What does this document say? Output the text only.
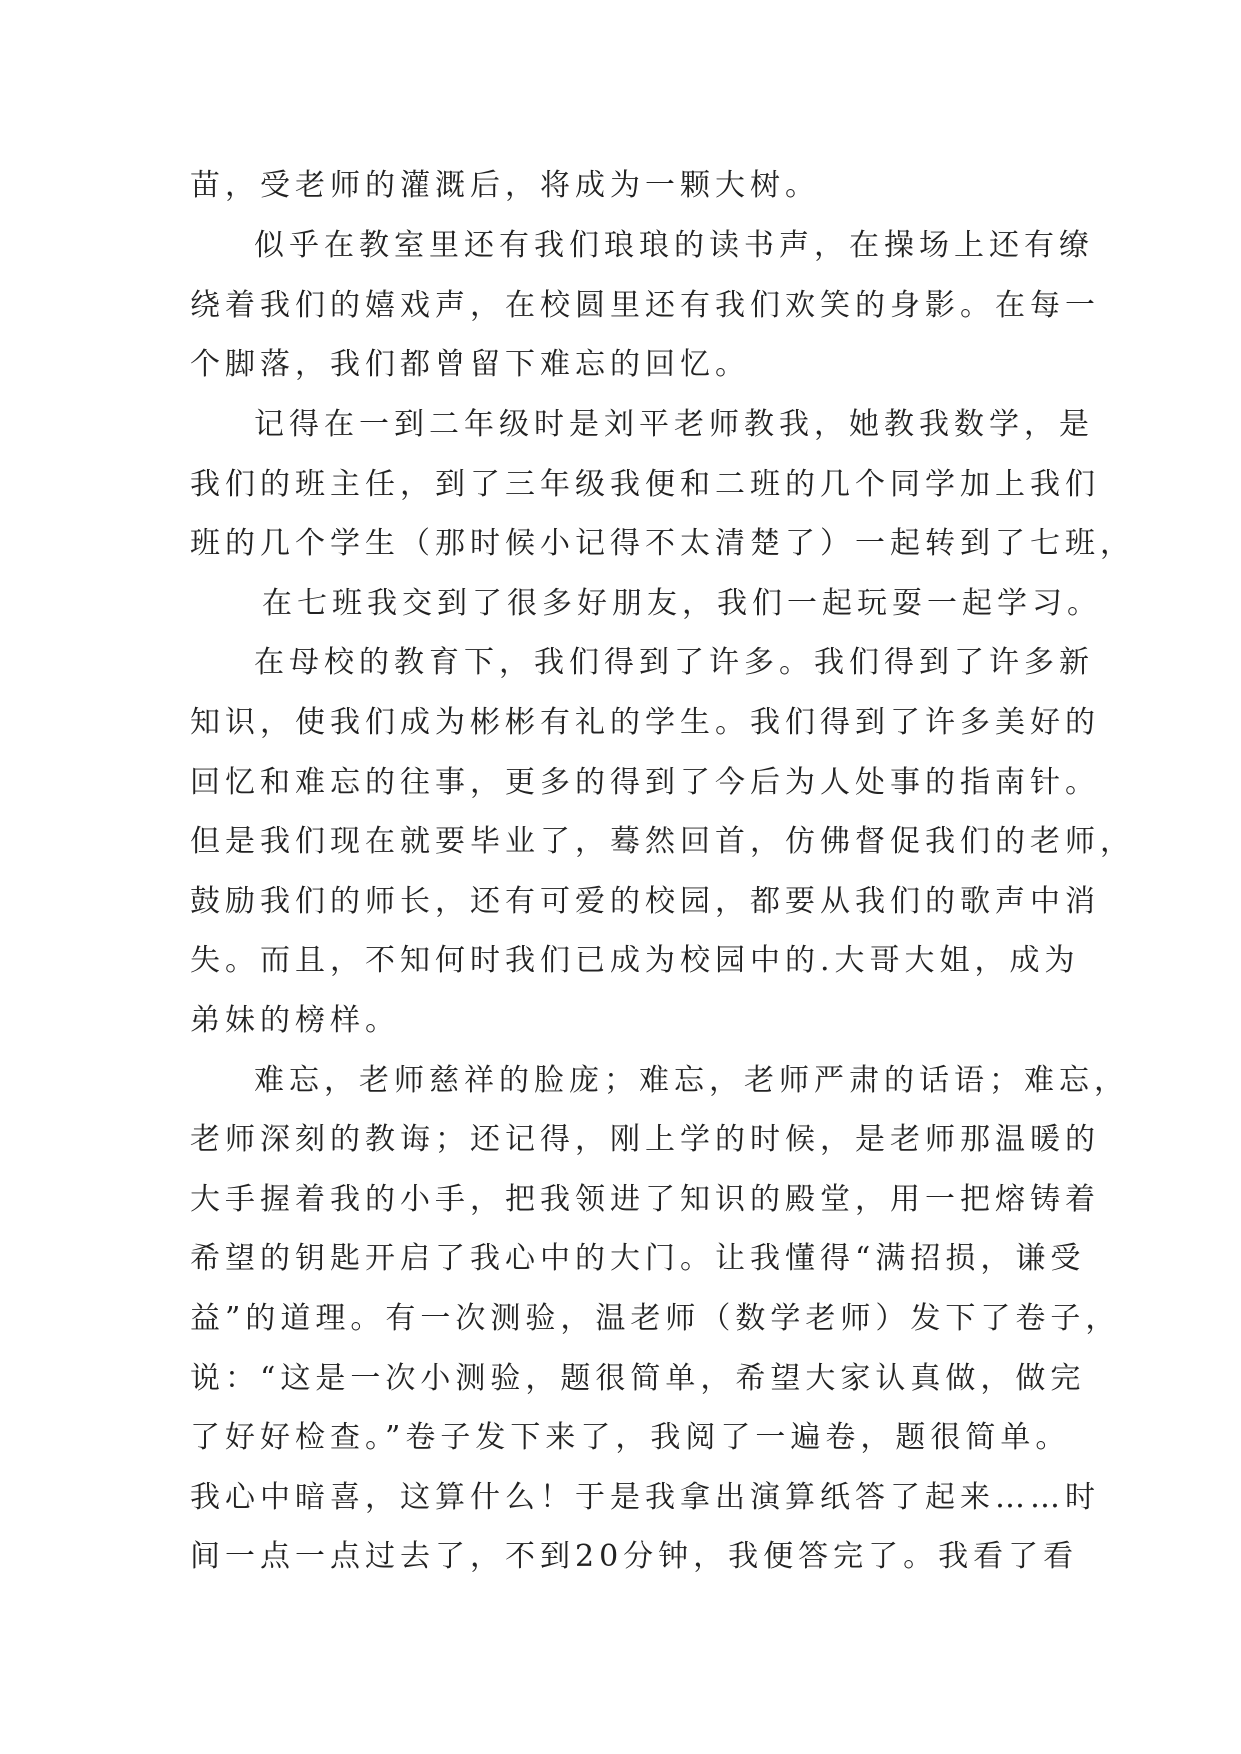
苗，受老师的灌溉后，将成为一颗大树。
似乎在教室里还有我们琅琅的读书声，在操场上还有缭
绕着我们的嬉戏声，在校圆里还有我们欢笑的身影。在每一
个脚落，我们都曾留下难忘的回忆。
记得在一到二年级时是刘平老师教我，她教我数学，是
我们的班主任，到了三年级我便和二班的几个同学加上我们
班的几个学生（那时候小记得不太清楚了）一起转到了七班，
在七班我交到了很多好朋友，我们一起玩耍一起学习。
在母校的教育下，我们得到了许多。我们得到了许多新
知识，使我们成为彬彬有礼的学生。我们得到了许多美好的
回忆和难忘的往事，更多的得到了今后为人处事的指南针。
但是我们现在就要毕业了，蓦然回首，仿佛督促我们的老师，
鼓励我们的师长，还有可爱的校园，都要从我们的歌声中消
失。而且，不知何时我们已成为校园中的.大哥大姐，成为
弟妹的榜样。
难忘，老师慈祥的脸庞；难忘，老师严肃的话语；难忘，
老师深刻的教诲；还记得，刚上学的时候，是老师那温暖的
大手握着我的小手，把我领进了知识的殿堂，用一把熔铸着
希望的钥匙开启了我心中的大门。让我懂得“满招损，谦受
益”的道理。有一次测验，温老师（数学老师）发下了卷子，
说：“这是一次小测验，题很简单，希望大家认真做，做完
了好好检查。”卷子发下来了，我阅了一遍卷，题很简单。
我心中暗喜，这算什么！于是我拿出演算纸答了起来……时
间一点一点过去了，不到20分钟，我便答完了。我看了看
